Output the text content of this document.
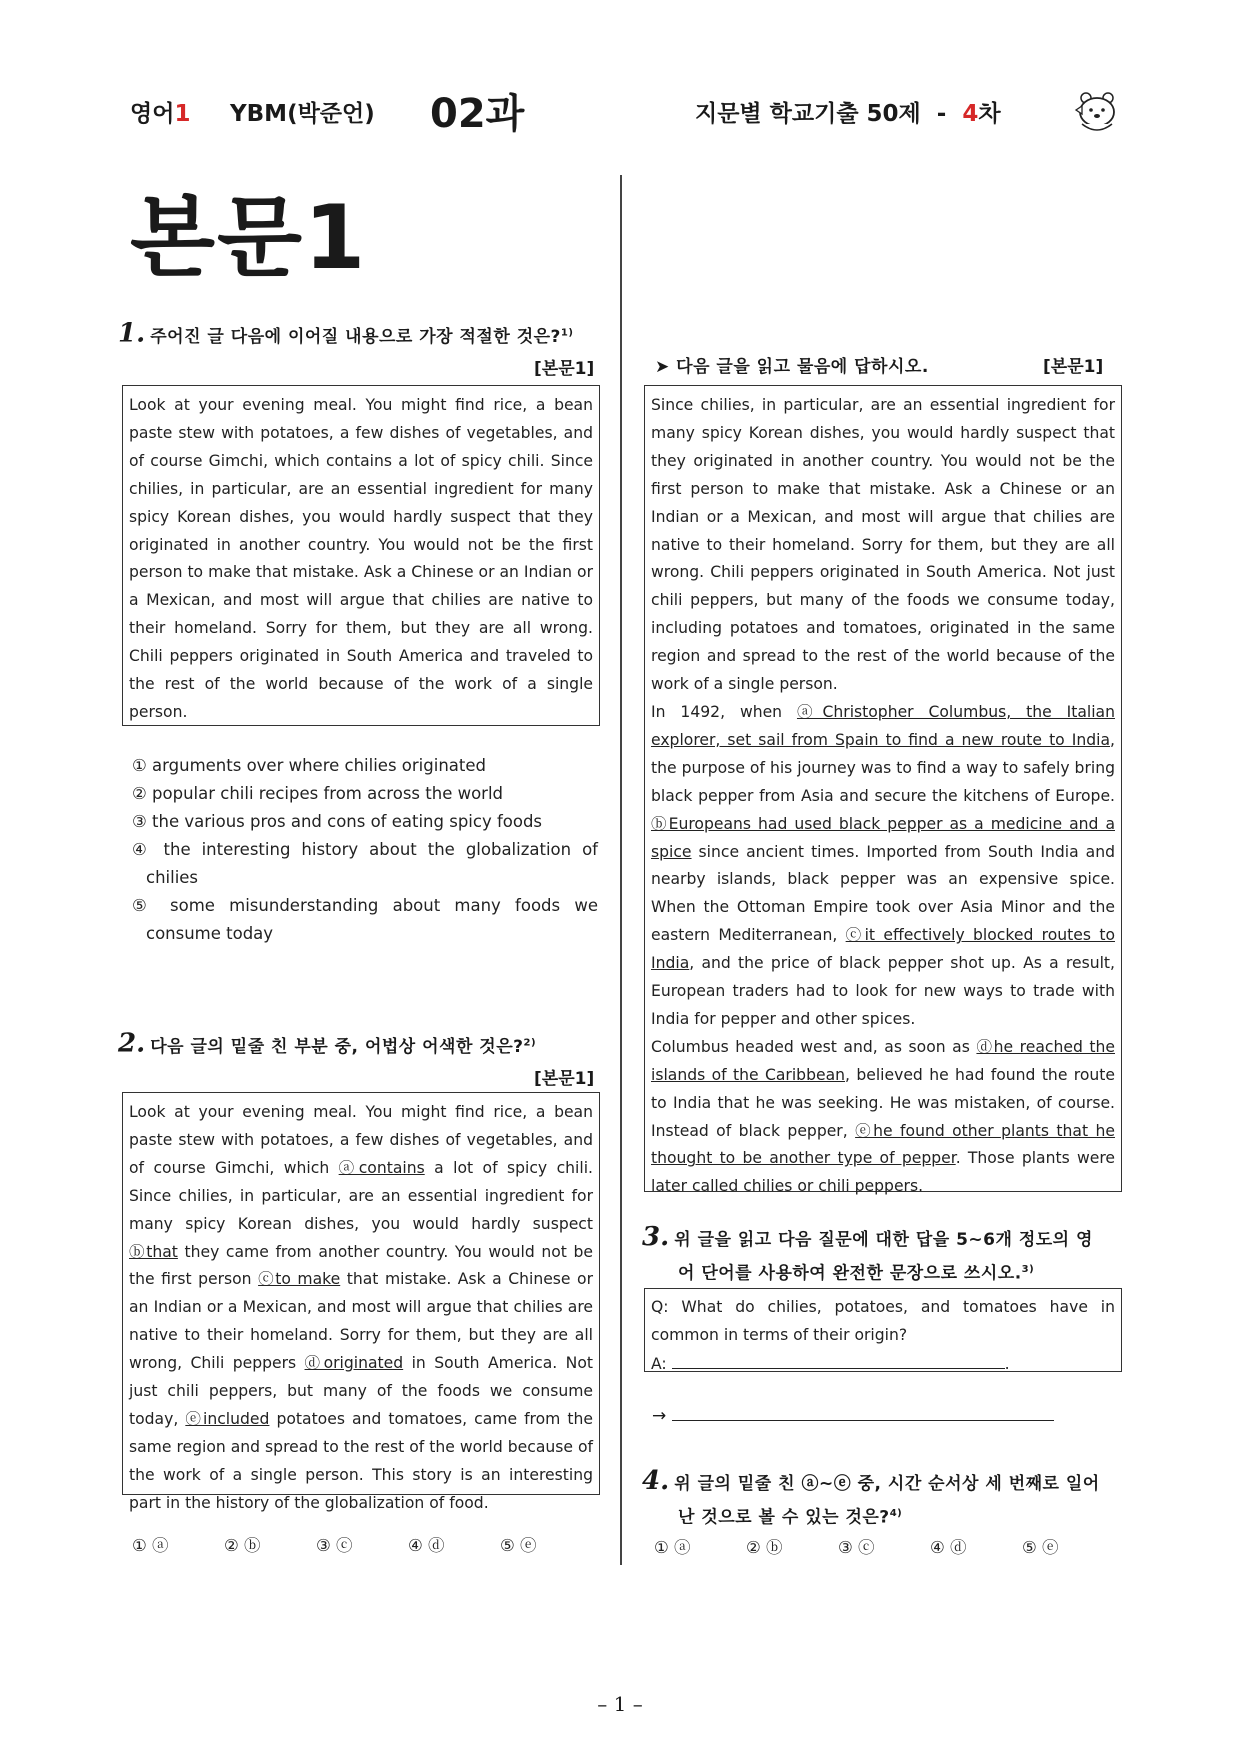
영어1 YBM(박준언) 02과	지문별 학교기출 50제 - 4차
본문1
1. 주어진 글 다음에 이어질 내용으로 가장 적절한 것은?$^{1)}$
[본문1]
Look at your evening meal. You might find rice, a bean paste stew with potatoes, a few dishes of vegetables, and of course Gimchi, which contains a lot of spicy chili. Since chilies, in particular, are an essential ingredient for many spicy Korean dishes, you would hardly suspect that they originated in another country. You would not be the first person to make that mistake. Ask a Chinese or an Indian or a Mexican, and most will argue that chilies are native to their homeland. Sorry for them, but they are all wrong. Chili peppers originated in South America and traveled to the rest of the world because of the work of a single person.
① arguments over where chilies originated
② popular chili recipes from across the world
③ the various pros and cons of eating spicy foods
④ the interesting history about the globalization of
chilies
⑤ some misunderstanding about many foods we
consume today
2. 다음 글의 밑줄 친 부분 중, 어법상 어색한 것은?$^{2)}$
[본문1]
Look at your evening meal. You might find rice, a bean paste stew with potatoes, a few dishes of vegetables, and of course Gimchi, which ⓐcontains a lot of spicy chili. Since chilies, in particular, are an essential ingredient for many spicy Korean dishes, you would hardly suspect ⓑthat they came from another country. You would not be the first person ⓒto make that mistake. Ask a Chinese or an Indian or a Mexican, and most will argue that chilies are native to their homeland. Sorry for them, but they are all wrong, Chili peppers ⓓoriginated in South America. Not just chili peppers, but many of the foods we consume today, ⓔincluded potatoes and tomatoes, came from the same region and spread to the rest of the world because of the work of a single person. This story is an interesting part in the history of the globalization of food.
① ⓐ	② ⓑ	③ ⓒ	④ ⓓ	⑤ ⓔ
➤ 다음 글을 읽고 물음에 답하시오.	[본문1]
Since chilies, in particular, are an essential ingredient for many spicy Korean dishes, you would hardly suspect that they originated in another country. You would not be the first person to make that mistake. Ask a Chinese or an Indian or a Mexican, and most will argue that chilies are native to their homeland. Sorry for them, but they are all wrong. Chili peppers originated in South America. Not just chili peppers, but many of the foods we consume today, including potatoes and tomatoes, originated in the same region and spread to the rest of the world because of the work of a single person.
In 1492, when ⓐChristopher Columbus, the Italian explorer, set sail from Spain to find a new route to India, the purpose of his journey was to find a way to safely bring black pepper from Asia and secure the kitchens of Europe. ⓑEuropeans had used black pepper as a medicine and a spice since ancient times. Imported from South India and nearby islands, black pepper was an expensive spice. When the Ottoman Empire took over Asia Minor and the eastern Mediterranean, ⓒit effectively blocked routes to India, and the price of black pepper shot up. As a result, European traders had to look for new ways to trade with India for pepper and other spices.
Columbus headed west and, as soon as ⓓhe reached the islands of the Caribbean, believed he had found the route to India that he was seeking. He was mistaken, of course. Instead of black pepper, ⓔhe found other plants that he thought to be another type of pepper. Those plants were later called chilies or chili peppers.
3. 위 글을 읽고 다음 질문에 대한 답을 5~6개 정도의 영
어 단어를 사용하여 완전한 문장으로 쓰시오.$^{3)}$
Q: What do chilies, potatoes, and tomatoes have in common in terms of their origin?
A:	.
→
4. 위 글의 밑줄 친 ⓐ~ⓔ 중, 시간 순서상 세 번째로 일어
난 것으로 볼 수 있는 것은?$^{4)}$
① ⓐ	② ⓑ	③ ⓒ	④ ⓓ	⑤ ⓔ
– 1 –
